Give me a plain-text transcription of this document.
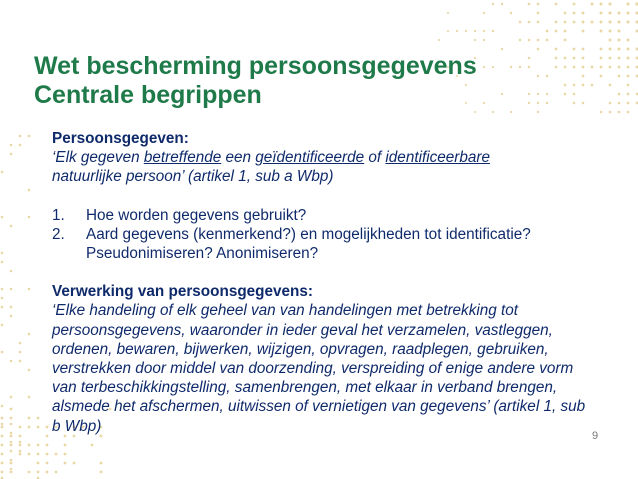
Wet bescherming persoonsgegevens
Centrale begrippen
Persoonsgegeven:
‘Elk gegeven betreffende een geïdentificeerde of identificeerbare
natuurlijke persoon’ (artikel 1, sub a Wbp)
1.	Hoe worden gegevens gebruikt?
2.	Aard gegevens (kenmerkend?) en mogelijkheden tot identificatie? Pseudonimiseren? Anonimiseren?
Verwerking van persoonsgegevens:
‘Elke handeling of elk geheel van van handelingen met betrekking tot persoonsgegevens, waaronder in ieder geval het verzamelen, vastleggen, ordenen, bewaren, bijwerken, wijzigen, opvragen, raadplegen, gebruiken, verstrekken door middel van doorzending, verspreiding of enige andere vorm van terbeschikkingstelling, samenbrengen, met elkaar in verband brengen, alsmede het afschermen, uitwissen of vernietigen van gegevens’ (artikel 1, sub b Wbp)
9
